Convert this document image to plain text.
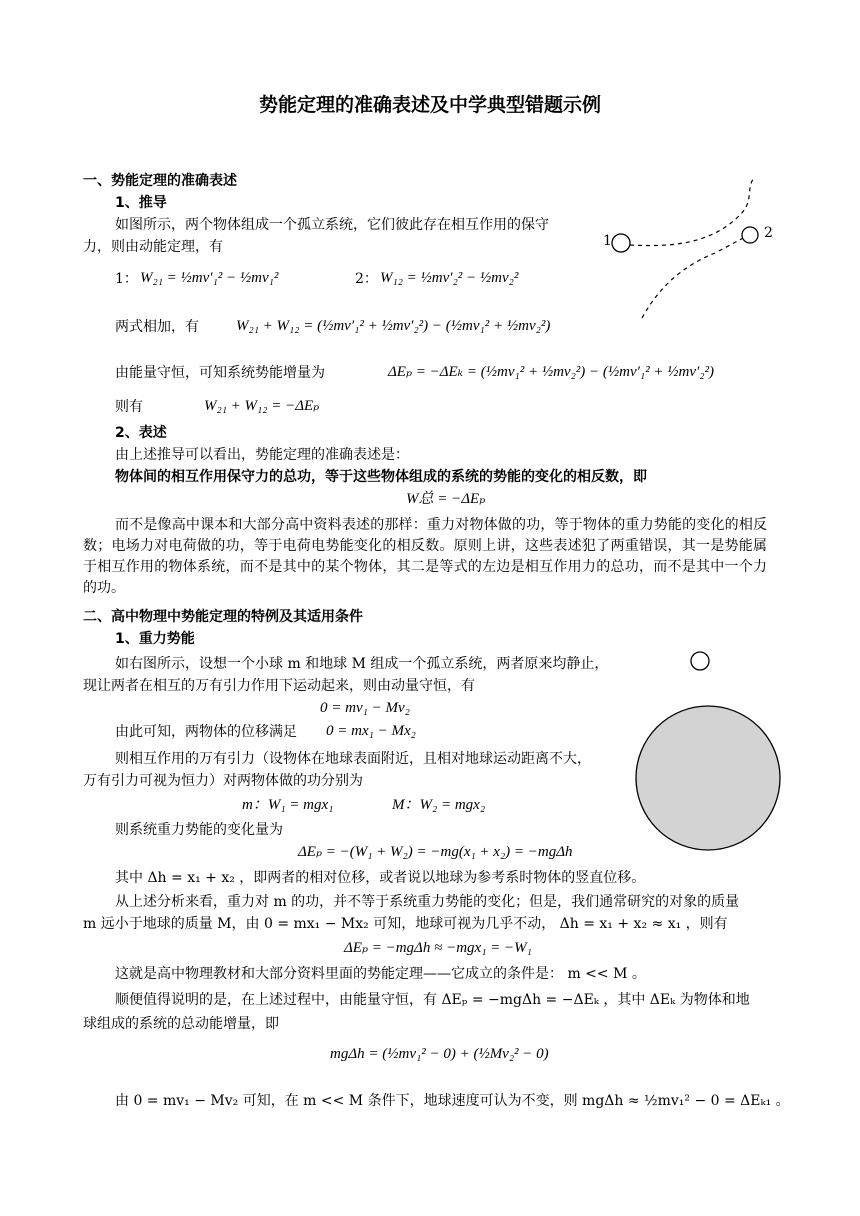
势能定理的准确表述及中学典型错题示例
一、势能定理的准确表述
1、推导
如图所示，两个物体组成一个孤立系统，它们彼此存在相互作用的保守
力，则由动能定理，有	1	2
1： W₂₁ = ½mv′₁² − ½mv₁²	2： W₁₂ = ½mv′₂² − ½mv₂²
两式相加，有 W₂₁ + W₁₂ = (½mv′₁² + ½mv′₂²) − (½mv₁² + ½mv₂²)
由能量守恒，可知系统势能增量为	ΔEₚ = −ΔEₖ = (½mv₁² + ½mv₂²) − (½mv′₁² + ½mv′₂²)
则有	W₂₁ + W₁₂ = −ΔEₚ
2、表述
由上述推导可以看出，势能定理的准确表述是：
物体间的相互作用保守力的总功，等于这些物体组成的系统的势能的变化的相反数，即
W总 = −ΔEₚ
而不是像高中课本和大部分高中资料表述的那样：重力对物体做的功，等于物体的重力势能的变化的相反数；电场力对电荷做的功，等于电荷电势能变化的相反数。原则上讲，这些表述犯了两重错误，其一是势能属于相互作用的物体系统，而不是其中的某个物体，其二是等式的左边是相互作用力的总功，而不是其中一个力的功。
二、高中物理中势能定理的特例及其适用条件
1、重力势能
如右图所示，设想一个小球 m 和地球 M 组成一个孤立系统，两者原来均静止，
现让两者在相互的万有引力作用下运动起来，则由动量守恒，有
0 = mv₁ − Mv₂
由此可知，两物体的位移满足 0 = mx₁ − Mx₂
则相互作用的万有引力（设物体在地球表面附近，且相对地球运动距离不大，
万有引力可视为恒力）对两物体做的功分别为
m：W₁ = mgx₁	M：W₂ = mgx₂
则系统重力势能的变化量为
ΔEₚ = −(W₁ + W₂) = −mg(x₁ + x₂) = −mgΔh
其中 Δh = x₁ + x₂ ，即两者的相对位移，或者说以地球为参考系时物体的竖直位移。
从上述分析来看，重力对 m 的功，并不等于系统重力势能的变化；但是，我们通常研究的对象的质量
m 远小于地球的质量 M，由 0 = mx₁ − Mx₂ 可知，地球可视为几乎不动， Δh = x₁ + x₂ ≈ x₁ ，则有
ΔEₚ = −mgΔh ≈ −mgx₁ = −W₁
这就是高中物理教材和大部分资料里面的势能定理——它成立的条件是： m << M 。
顺便值得说明的是，在上述过程中，由能量守恒，有 ΔEₚ = −mgΔh = −ΔEₖ ，其中 ΔEₖ 为物体和地
球组成的系统的总动能增量，即
mgΔh = (½mv₁² − 0) + (½Mv₂² − 0)
由 0 = mv₁ − Mv₂ 可知，在 m << M 条件下，地球速度可认为不变，则 mgΔh ≈ ½mv₁² − 0 = ΔEₖ₁ 。
